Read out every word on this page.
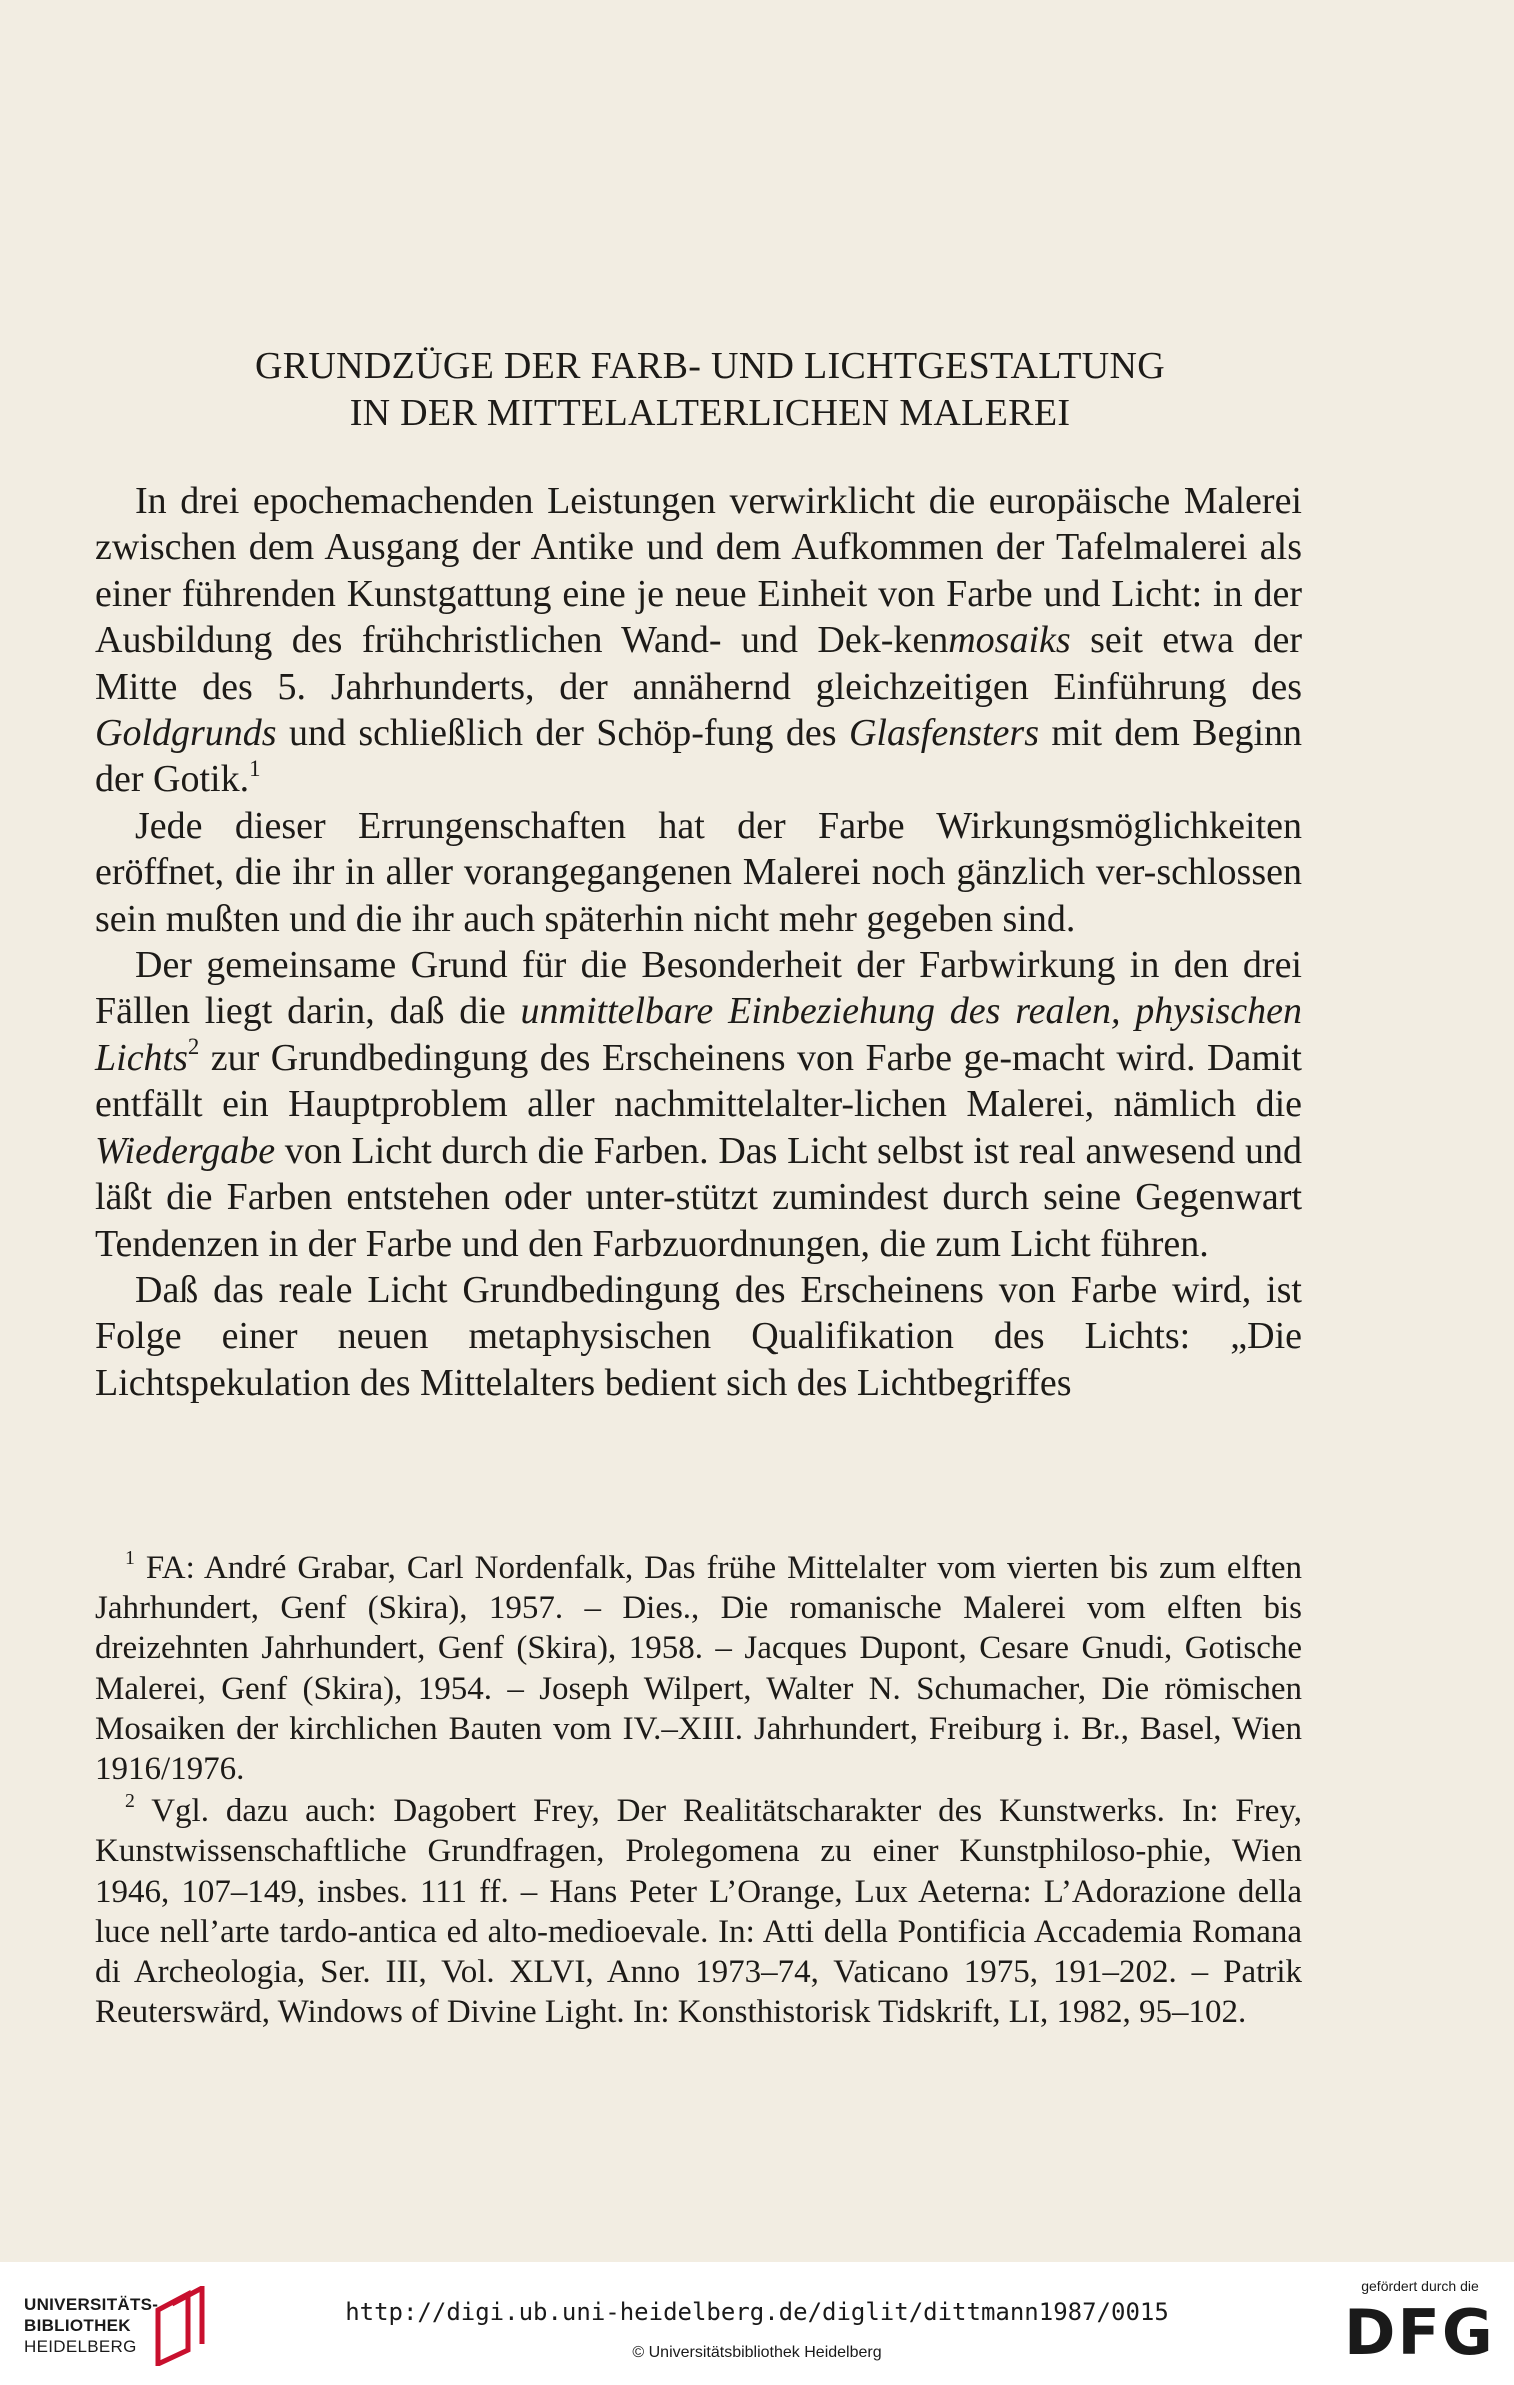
GRUNDZÜGE DER FARB- UND LICHTGESTALTUNG
IN DER MITTELALTERLICHEN MALEREI

In drei epochemachenden Leistungen verwirklicht die europäische Malerei zwischen dem Ausgang der Antike und dem Aufkommen der Tafelmalerei als einer führenden Kunstgattung eine je neue Einheit von Farbe und Licht: in der Ausbildung des frühchristlichen Wand- und Dek-kenmosaiks seit etwa der Mitte des 5. Jahrhunderts, der annähernd gleichzeitigen Einführung des Goldgrunds und schließlich der Schöp-fung des Glasfensters mit dem Beginn der Gotik.$^1$

Jede dieser Errungenschaften hat der Farbe Wirkungsmöglichkeiten eröffnet, die ihr in aller vorangegangenen Malerei noch gänzlich ver-schlossen sein mußten und die ihr auch späterhin nicht mehr gegeben sind.

Der gemeinsame Grund für die Besonderheit der Farbwirkung in den drei Fällen liegt darin, daß die unmittelbare Einbeziehung des realen, physischen Lichts$^2$ zur Grundbedingung des Erscheinens von Farbe ge-macht wird. Damit entfällt ein Hauptproblem aller nachmittelalter-lichen Malerei, nämlich die Wiedergabe von Licht durch die Farben. Das Licht selbst ist real anwesend und läßt die Farben entstehen oder unter-stützt zumindest durch seine Gegenwart Tendenzen in der Farbe und den Farbzuordnungen, die zum Licht führen.

Daß das reale Licht Grundbedingung des Erscheinens von Farbe wird, ist Folge einer neuen metaphysischen Qualifikation des Lichts: „Die Lichtspekulation des Mittelalters bedient sich des Lichtbegriffes

$^1$ FA: André Grabar, Carl Nordenfalk, Das frühe Mittelalter vom vierten bis zum elften Jahrhundert, Genf (Skira), 1957. – Dies., Die romanische Malerei vom elften bis dreizehnten Jahrhundert, Genf (Skira), 1958. – Jacques Dupont, Cesare Gnudi, Gotische Malerei, Genf (Skira), 1954. – Joseph Wilpert, Walter N. Schumacher, Die römischen Mosaiken der kirchlichen Bauten vom IV.–XIII. Jahrhundert, Freiburg i. Br., Basel, Wien 1916/1976.

$^2$ Vgl. dazu auch: Dagobert Frey, Der Realitätscharakter des Kunstwerks. In: Frey, Kunstwissenschaftliche Grundfragen, Prolegomena zu einer Kunstphiloso-phie, Wien 1946, 107–149, insbes. 111 ff. – Hans Peter L’Orange, Lux Aeterna: L’Adorazione della luce nell’arte tardo-antica ed alto-medioevale. In: Atti della Pontificia Accademia Romana di Archeologia, Ser. III, Vol. XLVI, Anno 1973–74, Vaticano 1975, 191–202. – Patrik Reuterswärd, Windows of Divine Light. In: Konsthistorisk Tidskrift, LI, 1982, 95–102.

UNIVERSITÄTS-
BIBLIOTHEK
HEIDELBERG
http://digi.ub.uni-heidelberg.de/diglit/dittmann1987/0015
© Universitätsbibliothek Heidelberg
gefördert durch die
DFG
